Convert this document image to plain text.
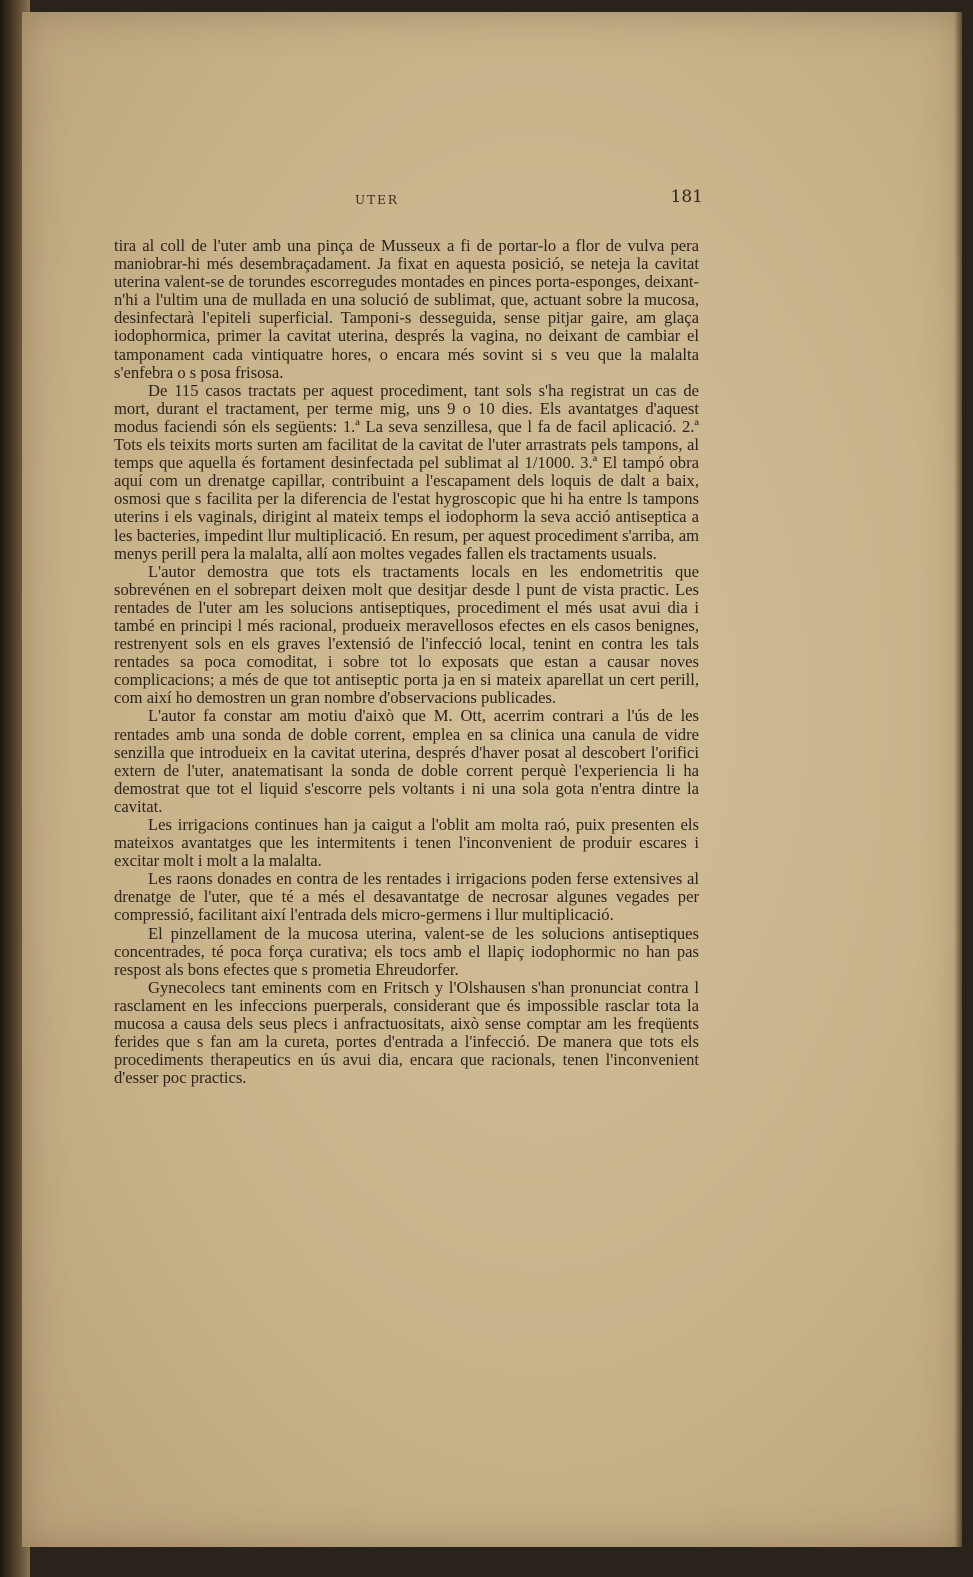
UTER	181

tira al coll de l'uter amb una pinça de Musseux a fi de portar-lo a flor de vulva pera maniobrar-hi més desembraçadament. Ja fixat en aquesta posició, se neteja la cavitat uterina valent-se de torundes escorregudes montades en pinces porta-esponges, deixant-n'hi a l'ultim una de mullada en una solució de sublimat, que, actuant sobre la mucosa, desinfectarà l'epiteli superficial. Tamponi-s desseguida, sense pitjar gaire, am glaça iodophormica, primer la cavitat uterina, després la vagina, no deixant de cambiar el tamponament cada vintiquatre hores, o encara més sovint si s veu que la malalta s'enfebra o s posa frisosa.

De 115 casos tractats per aquest procediment, tant sols s'ha registrat un cas de mort, durant el tractament, per terme mig, uns 9 o 10 dies. Els avantatges d'aquest modus faciendi són els següents: 1.ª La seva senzillesa, que l fa de facil aplicació. 2.ª Tots els teixits morts surten am facilitat de la cavitat de l'uter arrastrats pels tampons, al temps que aquella és fortament desinfectada pel sublimat al 1/1000. 3.ª El tampó obra aquí com un drenatge capillar, contribuint a l'escapament dels loquis de dalt a baix, osmosi que s facilita per la diferencia de l'estat hygroscopic que hi ha entre ls tampons uterins i els vaginals, dirigint al mateix temps el iodophorm la seva acció antiseptica a les bacteries, impedint llur multiplicació. En resum, per aquest procediment s'arriba, am menys perill pera la malalta, allí aon moltes vegades fallen els tractaments usuals.

L'autor demostra que tots els tractaments locals en les endometritis que sobrevénen en el sobrepart deixen molt que desitjar desde l punt de vista practic. Les rentades de l'uter am les solucions antiseptiques, procediment el més usat avui dia i també en principi l més racional, produeix meravellosos efectes en els casos benignes, restrenyent sols en els graves l'extensió de l'infecció local, tenint en contra les tals rentades sa poca comoditat, i sobre tot lo exposats que estan a causar noves complicacions; a més de que tot antiseptic porta ja en si mateix aparellat un cert perill, com així ho demostren un gran nombre d'observacions publicades.

L'autor fa constar am motiu d'això que M. Ott, acerrim contrari a l'ús de les rentades amb una sonda de doble corrent, emplea en sa clinica una canula de vidre senzilla que introdueix en la cavitat uterina, després d'haver posat al descobert l'orifici extern de l'uter, anatematisant la sonda de doble corrent perquè l'experiencia li ha demostrat que tot el liquid s'escorre pels voltants i ni una sola gota n'entra dintre la cavitat.

Les irrigacions continues han ja caigut a l'oblit am molta raó, puix presenten els mateixos avantatges que les intermitents i tenen l'inconvenient de produir escares i excitar molt i molt a la malalta.

Les raons donades en contra de les rentades i irrigacions poden ferse extensives al drenatge de l'uter, que té a més el desavantatge de necrosar algunes vegades per compressió, facilitant així l'entrada dels micro-germens i llur multiplicació.

El pinzellament de la mucosa uterina, valent-se de les solucions antiseptiques concentrades, té poca força curativa; els tocs amb el llapiç iodophormic no han pas respost als bons efectes que s prometia Ehreudorfer.

Gynecolecs tant eminents com en Fritsch y l'Olshausen s'han pronunciat contra l rasclament en les infeccions puerperals, considerant que és impossible rasclar tota la mucosa a causa dels seus plecs i anfractuositats, això sense comptar am les freqüents ferides que s fan am la cureta, portes d'entrada a l'infecció. De manera que tots els procediments therapeutics en ús avui dia, encara que racionals, tenen l'inconvenient d'esser poc practics.
